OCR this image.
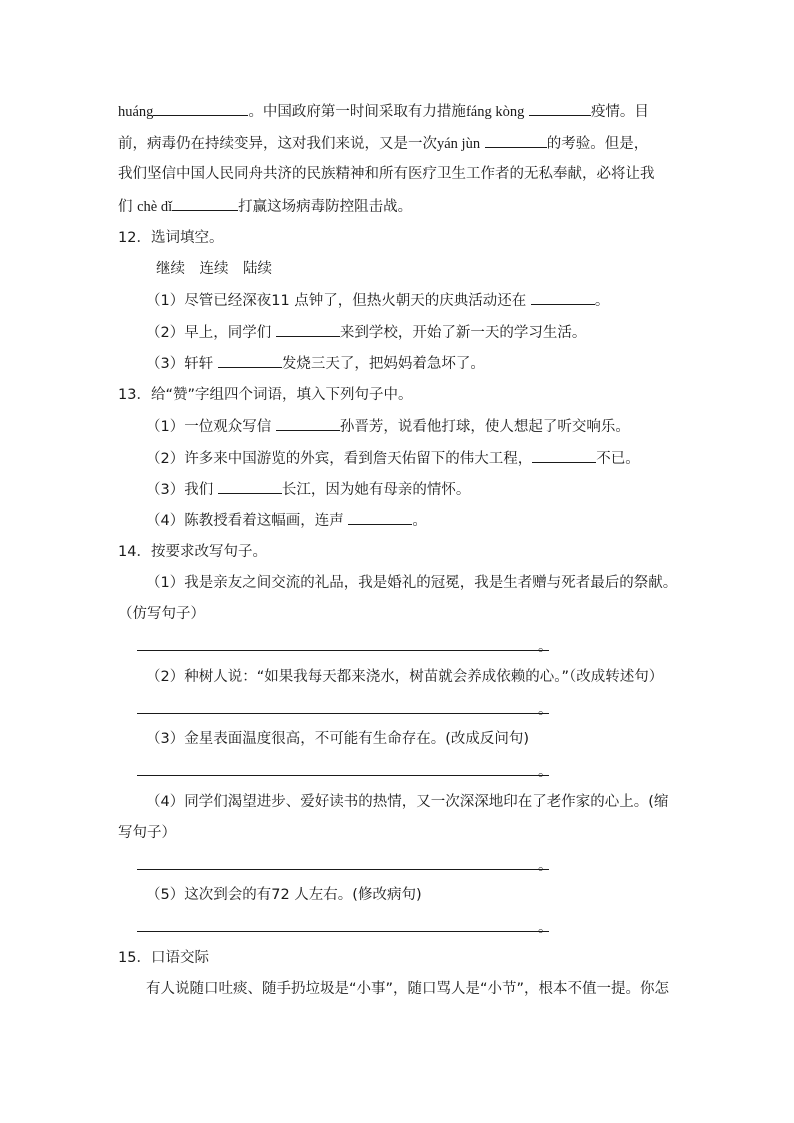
huáng	。中国政府第一时间采取有力措施fáng kòng	疫情。目
前，病毒仍在持续变异，这对我们来说，又是一次yán jùn	的考验。但是，
我们坚信中国人民同舟共济的民族精神和所有医疗卫生工作者的无私奉献，必将让我
们 chè dǐ	打赢这场病毒防控阻击战。
12．选词填空。
继续　连续　陆续
（1）尽管已经深夜11 点钟了，但热火朝天的庆典活动还在	。
（2）早上，同学们	来到学校，开始了新一天的学习生活。
（3）轩轩	发烧三天了，把妈妈着急坏了。
13．给“赞”字组四个词语，填入下列句子中。
（1）一位观众写信	孙晋芳，说看他打球，使人想起了听交响乐。
（2）许多来中国游览的外宾，看到詹天佑留下的伟大工程，	不已。
（3）我们	长江，因为她有母亲的情怀。
（4）陈教授看着这幅画，连声	。
14．按要求改写句子。
（1）我是亲友之间交流的礼品，我是婚礼的冠冕，我是生者赠与死者最后的祭献。
（仿写句子）
。
（2）种树人说：“如果我每天都来浇水，树苗就会养成依赖的心。”（改成转述句）
。
（3）金星表面温度很高，不可能有生命存在。(改成反问句)
。
（4）同学们渴望进步、爱好读书的热情，又一次深深地印在了老作家的心上。(缩
写句子）
。
（5）这次到会的有72 人左右。(修改病句)
。
15．口语交际
有人说随口吐痰、随手扔垃圾是“小事”，随口骂人是“小节”，根本不值一提。你怎
